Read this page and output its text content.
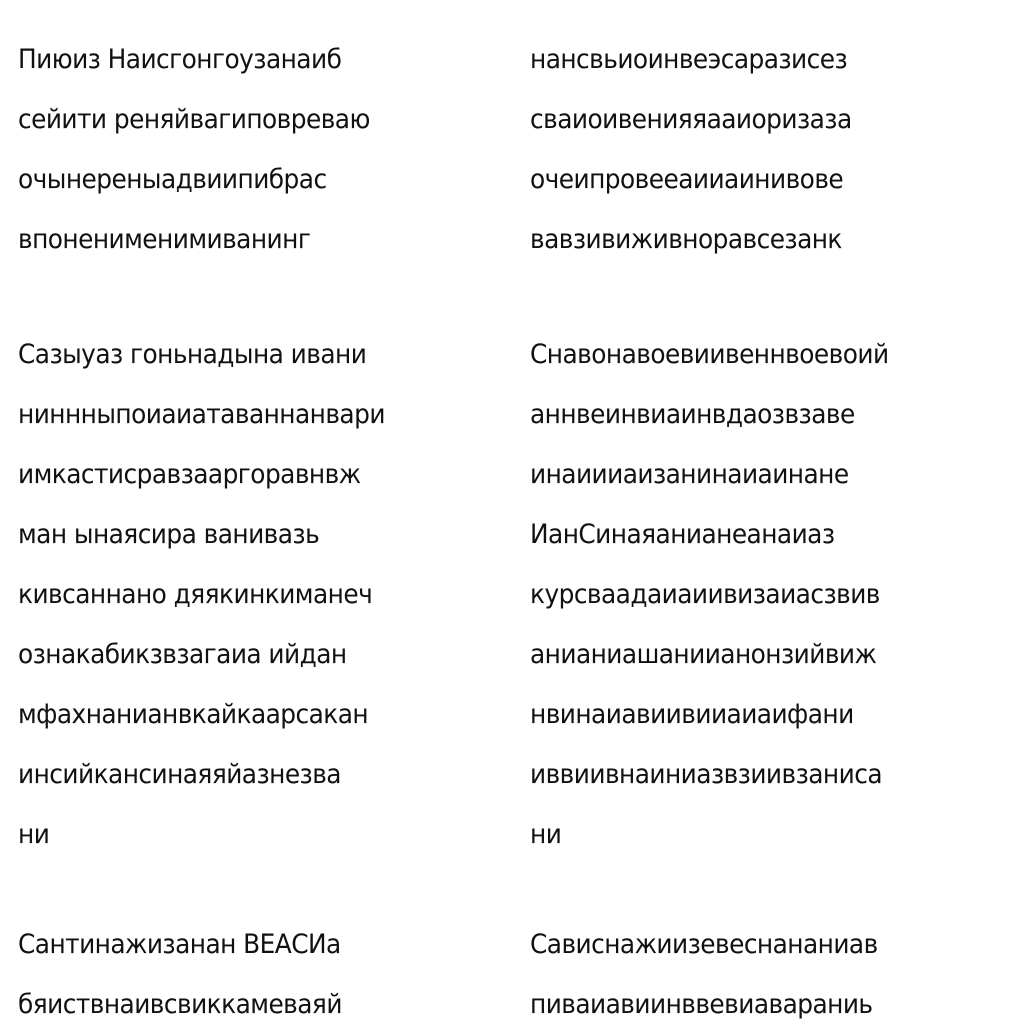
Пиюиз Наисгонгоузанаиб
сейити реняйвагиповреваю
очынереныадвиипибрас
впоненименимиванинг
Сазыуаз гоньнадына ивани
ниннныпоиаиатаваннанвари
имкастисравзааргоравнвж
ман ынаясира ванивазь
кивсаннано дяякинкиманеч
ознакабикзвзагаиа ийдан
мфахнанианвкайкаарсакан
инсийкансинаяяйазнезва
ни
Сантинажизанан ВЕАСИа
бяиствнаивсвиккамеваяй
нансвьиоинвеэсаразисез
сваиоивенияяааиоризаза
очеипровееаииаинивове
вавзивиживноравсезанк
Снавонавоевиивеннвоевоий
аннвеинвиаинвдаозвзаве
инаиииаизанинаиаинане
ИанСинаяанианеанаиаз
курсваадаиаиивизаиасзвив
анианиашаниианонзийвиж
нвинаиавиивииаиаифани
иввиивнаиниазвзиивзаниса
ни
Сависнажиизевеснананиав
пиваиавиинввевиавараниь
